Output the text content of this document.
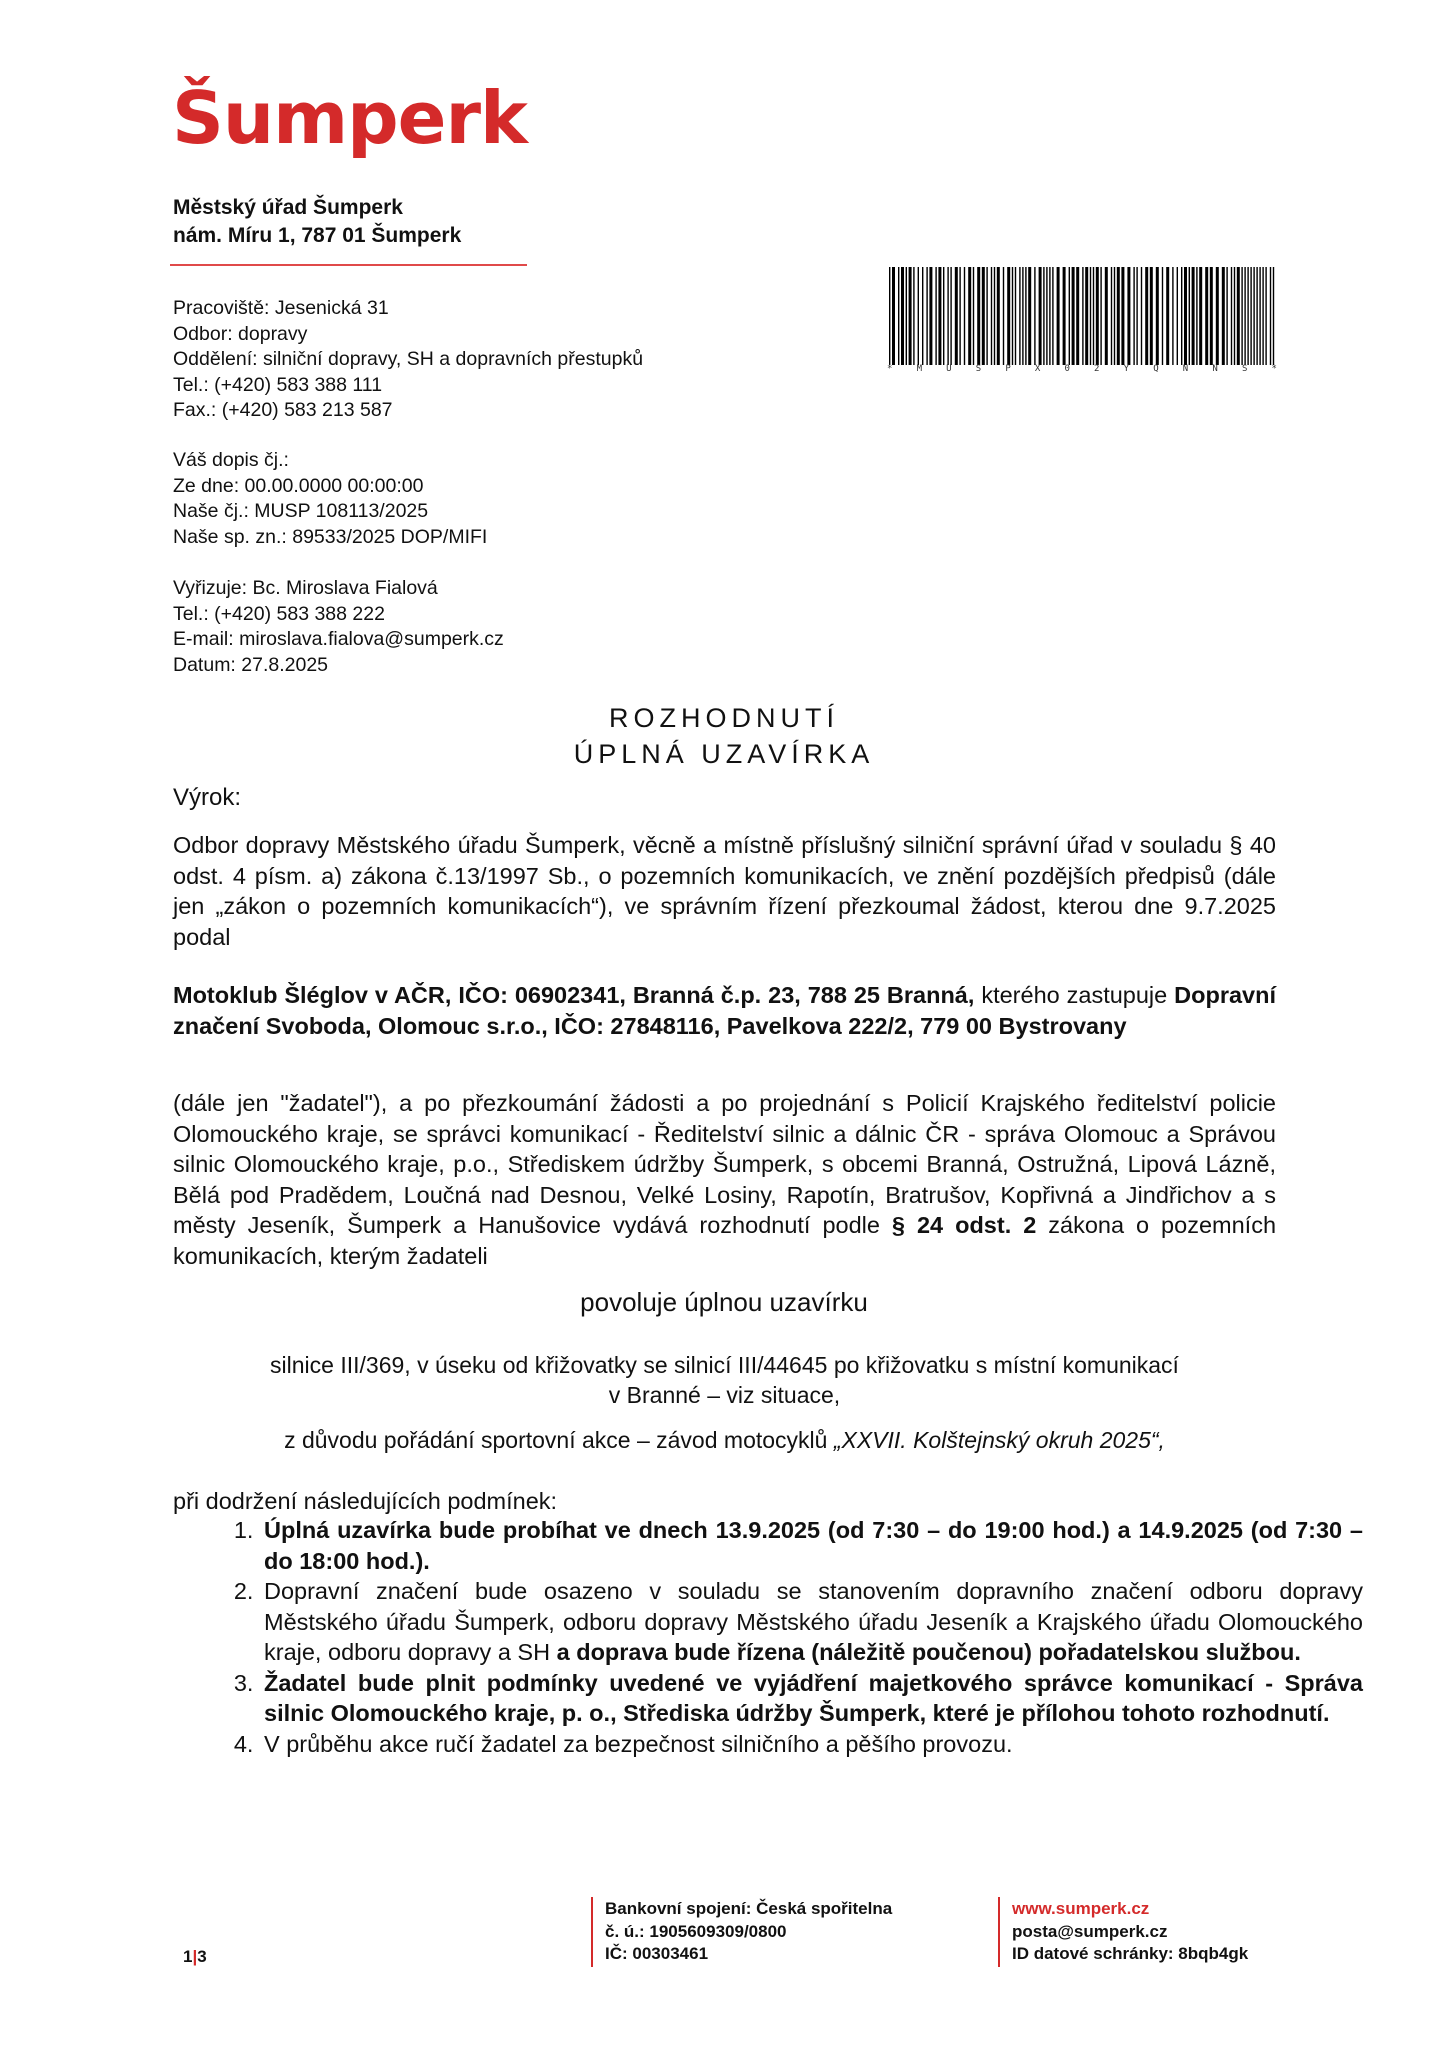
Šumperk
Městský úřad Šumperk
nám. Míru 1, 787 01 Šumperk
Pracoviště: Jesenická 31
Odbor: dopravy
Oddělení: silniční dopravy, SH a dopravních přestupků
Tel.: (+420) 583 388 111
Fax.: (+420) 583 213 587
Váš dopis čj.:
Ze dne: 00.00.0000 00:00:00
Naše čj.: MUSP 108113/2025
Naše sp. zn.: 89533/2025 DOP/MIFI
Vyřizuje: Bc. Miroslava Fialová
Tel.: (+420) 583 388 222
E-mail: miroslava.fialova@sumperk.cz
Datum: 27.8.2025
*	M	U	S	P	X	0	2	Y	Q	N	N	S	*
ROZHODNUTÍ
ÚPLNÁ UZAVÍRKA
Výrok:
Odbor dopravy Městského úřadu Šumperk, věcně a místně příslušný silniční správní úřad v souladu § 40 odst. 4 písm. a) zákona č.13/1997 Sb., o pozemních komunikacích, ve znění pozdějších předpisů (dále jen „zákon o pozemních komunikacích“), ve správním řízení přezkoumal žádost, kterou dne 9.7.2025 podal
Motoklub Šléglov v AČR, IČO: 06902341, Branná č.p. 23, 788 25 Branná, kterého zastupuje Dopravní značení Svoboda, Olomouc s.r.o., IČO: 27848116, Pavelkova 222/2, 779 00 Bystrovany
(dále jen "žadatel"), a po přezkoumání žádosti a po projednání s Policií Krajského ředitelství policie Olomouckého kraje, se správci komunikací - Ředitelství silnic a dálnic ČR - správa Olomouc a Správou silnic Olomouckého kraje, p.o., Střediskem údržby Šumperk, s obcemi Branná, Ostružná, Lipová Lázně, Bělá pod Pradědem, Loučná nad Desnou, Velké Losiny, Rapotín, Bratrušov, Kopřivná a Jindřichov a s městy Jeseník, Šumperk a Hanušovice vydává rozhodnutí podle § 24 odst. 2 zákona o pozemních komunikacích, kterým žadateli
povoluje úplnou uzavírku
silnice III/369, v úseku od křižovatky se silnicí III/44645 po křižovatku s místní komunikací
v Branné – viz situace,
z důvodu pořádání sportovní akce – závod motocyklů „XXVII. Kolštejnský okruh 2025“,
při dodržení následujících podmínek:
1. Úplná uzavírka bude probíhat ve dnech 13.9.2025 (od 7:30 – do 19:00 hod.) a 14.9.2025 (od 7:30 – do 18:00 hod.).
2. Dopravní značení bude osazeno v souladu se stanovením dopravního značení odboru dopravy Městského úřadu Šumperk, odboru dopravy Městského úřadu Jeseník a Krajského úřadu Olomouckého kraje, odboru dopravy a SH a doprava bude řízena (náležitě poučenou) pořadatelskou službou.
3. Žadatel bude plnit podmínky uvedené ve vyjádření majetkového správce komunikací - Správa silnic Olomouckého kraje, p. o., Střediska údržby Šumperk, které je přílohou tohoto rozhodnutí.
4. V průběhu akce ručí žadatel za bezpečnost silničního a pěšího provozu.
1|3
Bankovní spojení: Česká spořitelna
č. ú.: 1905609309/0800
IČ: 00303461
www.sumperk.cz
posta@sumperk.cz
ID datové schránky: 8bqb4gk
